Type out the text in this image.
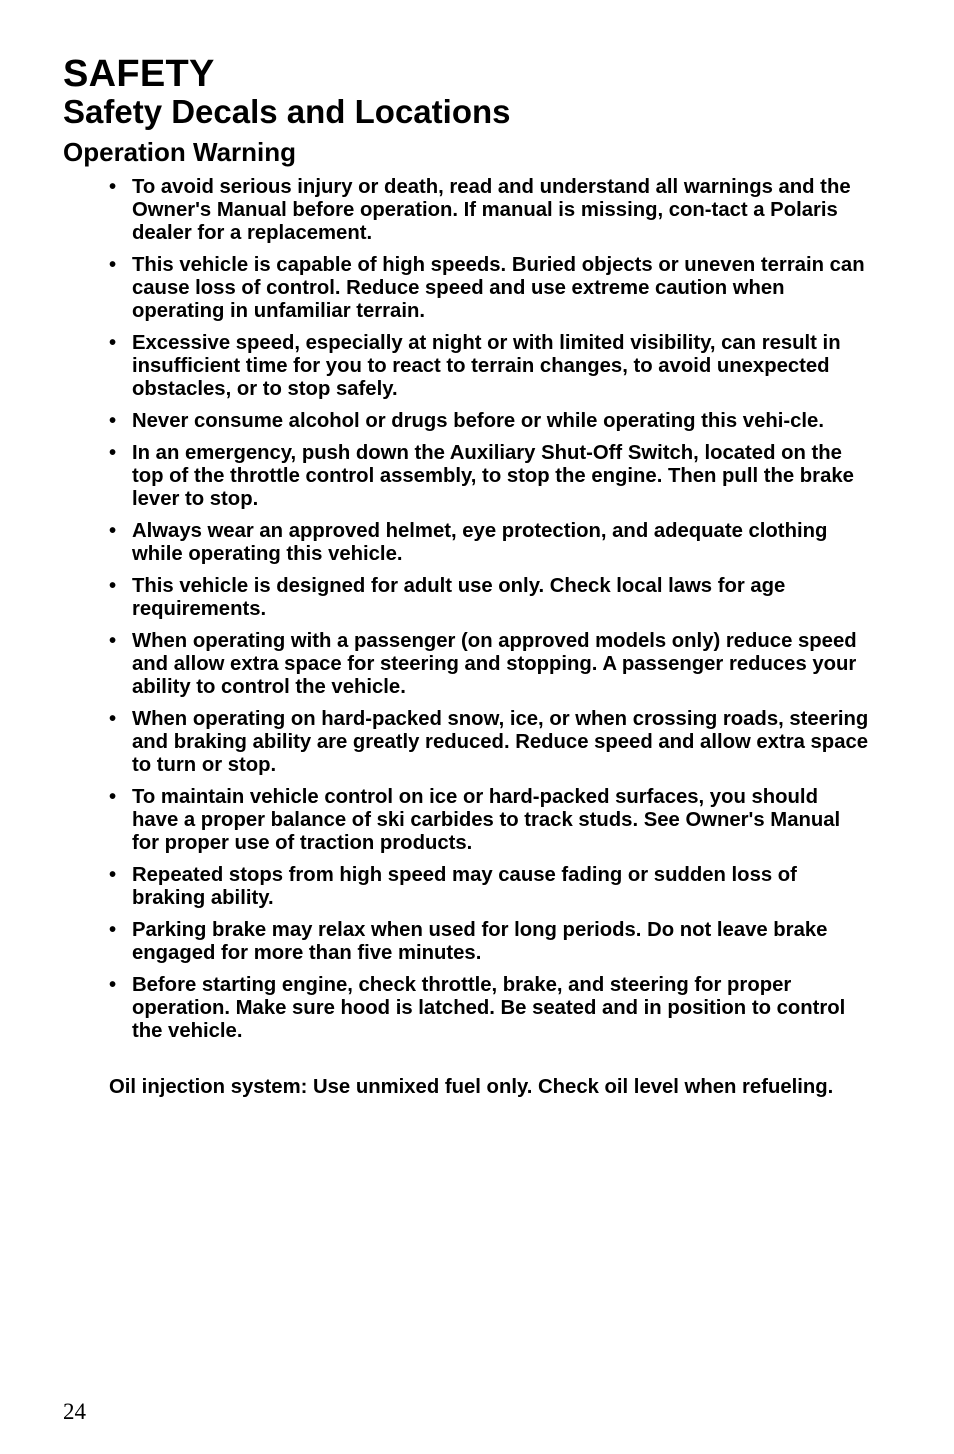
SAFETY
Safety Decals and Locations
Operation Warning
• To avoid serious injury or death, read and understand all warnings and the Owner's Manual before operation. If manual is missing, con-tact a Polaris dealer for a replacement.
• This vehicle is capable of high speeds. Buried objects or uneven terrain can cause loss of control. Reduce speed and use extreme caution when operating in unfamiliar terrain.
• Excessive speed, especially at night or with limited visibility, can result in insufficient time for you to react to terrain changes, to avoid unexpected obstacles, or to stop safely.
• Never consume alcohol or drugs before or while operating this vehi-cle.
• In an emergency, push down the Auxiliary Shut-Off Switch, located on the top of the throttle control assembly, to stop the engine. Then pull the brake lever to stop.
• Always wear an approved helmet, eye protection, and adequate clothing while operating this vehicle.
• This vehicle is designed for adult use only. Check local laws for age requirements.
• When operating with a passenger (on approved models only) reduce speed and allow extra space for steering and stopping. A passenger reduces your ability to control the vehicle.
• When operating on hard-packed snow, ice, or when crossing roads, steering and braking ability are greatly reduced. Reduce speed and allow extra space to turn or stop.
• To maintain vehicle control on ice or hard-packed surfaces, you should have a proper balance of ski carbides to track studs. See Owner's Manual for proper use of traction products.
• Repeated stops from high speed may cause fading or sudden loss of braking ability.
• Parking brake may relax when used for long periods. Do not leave brake engaged for more than five minutes.
• Before starting engine, check throttle, brake, and steering for proper operation. Make sure hood is latched. Be seated and in position to control the vehicle.

Oil injection system: Use unmixed fuel only. Check oil level when refueling.

24
